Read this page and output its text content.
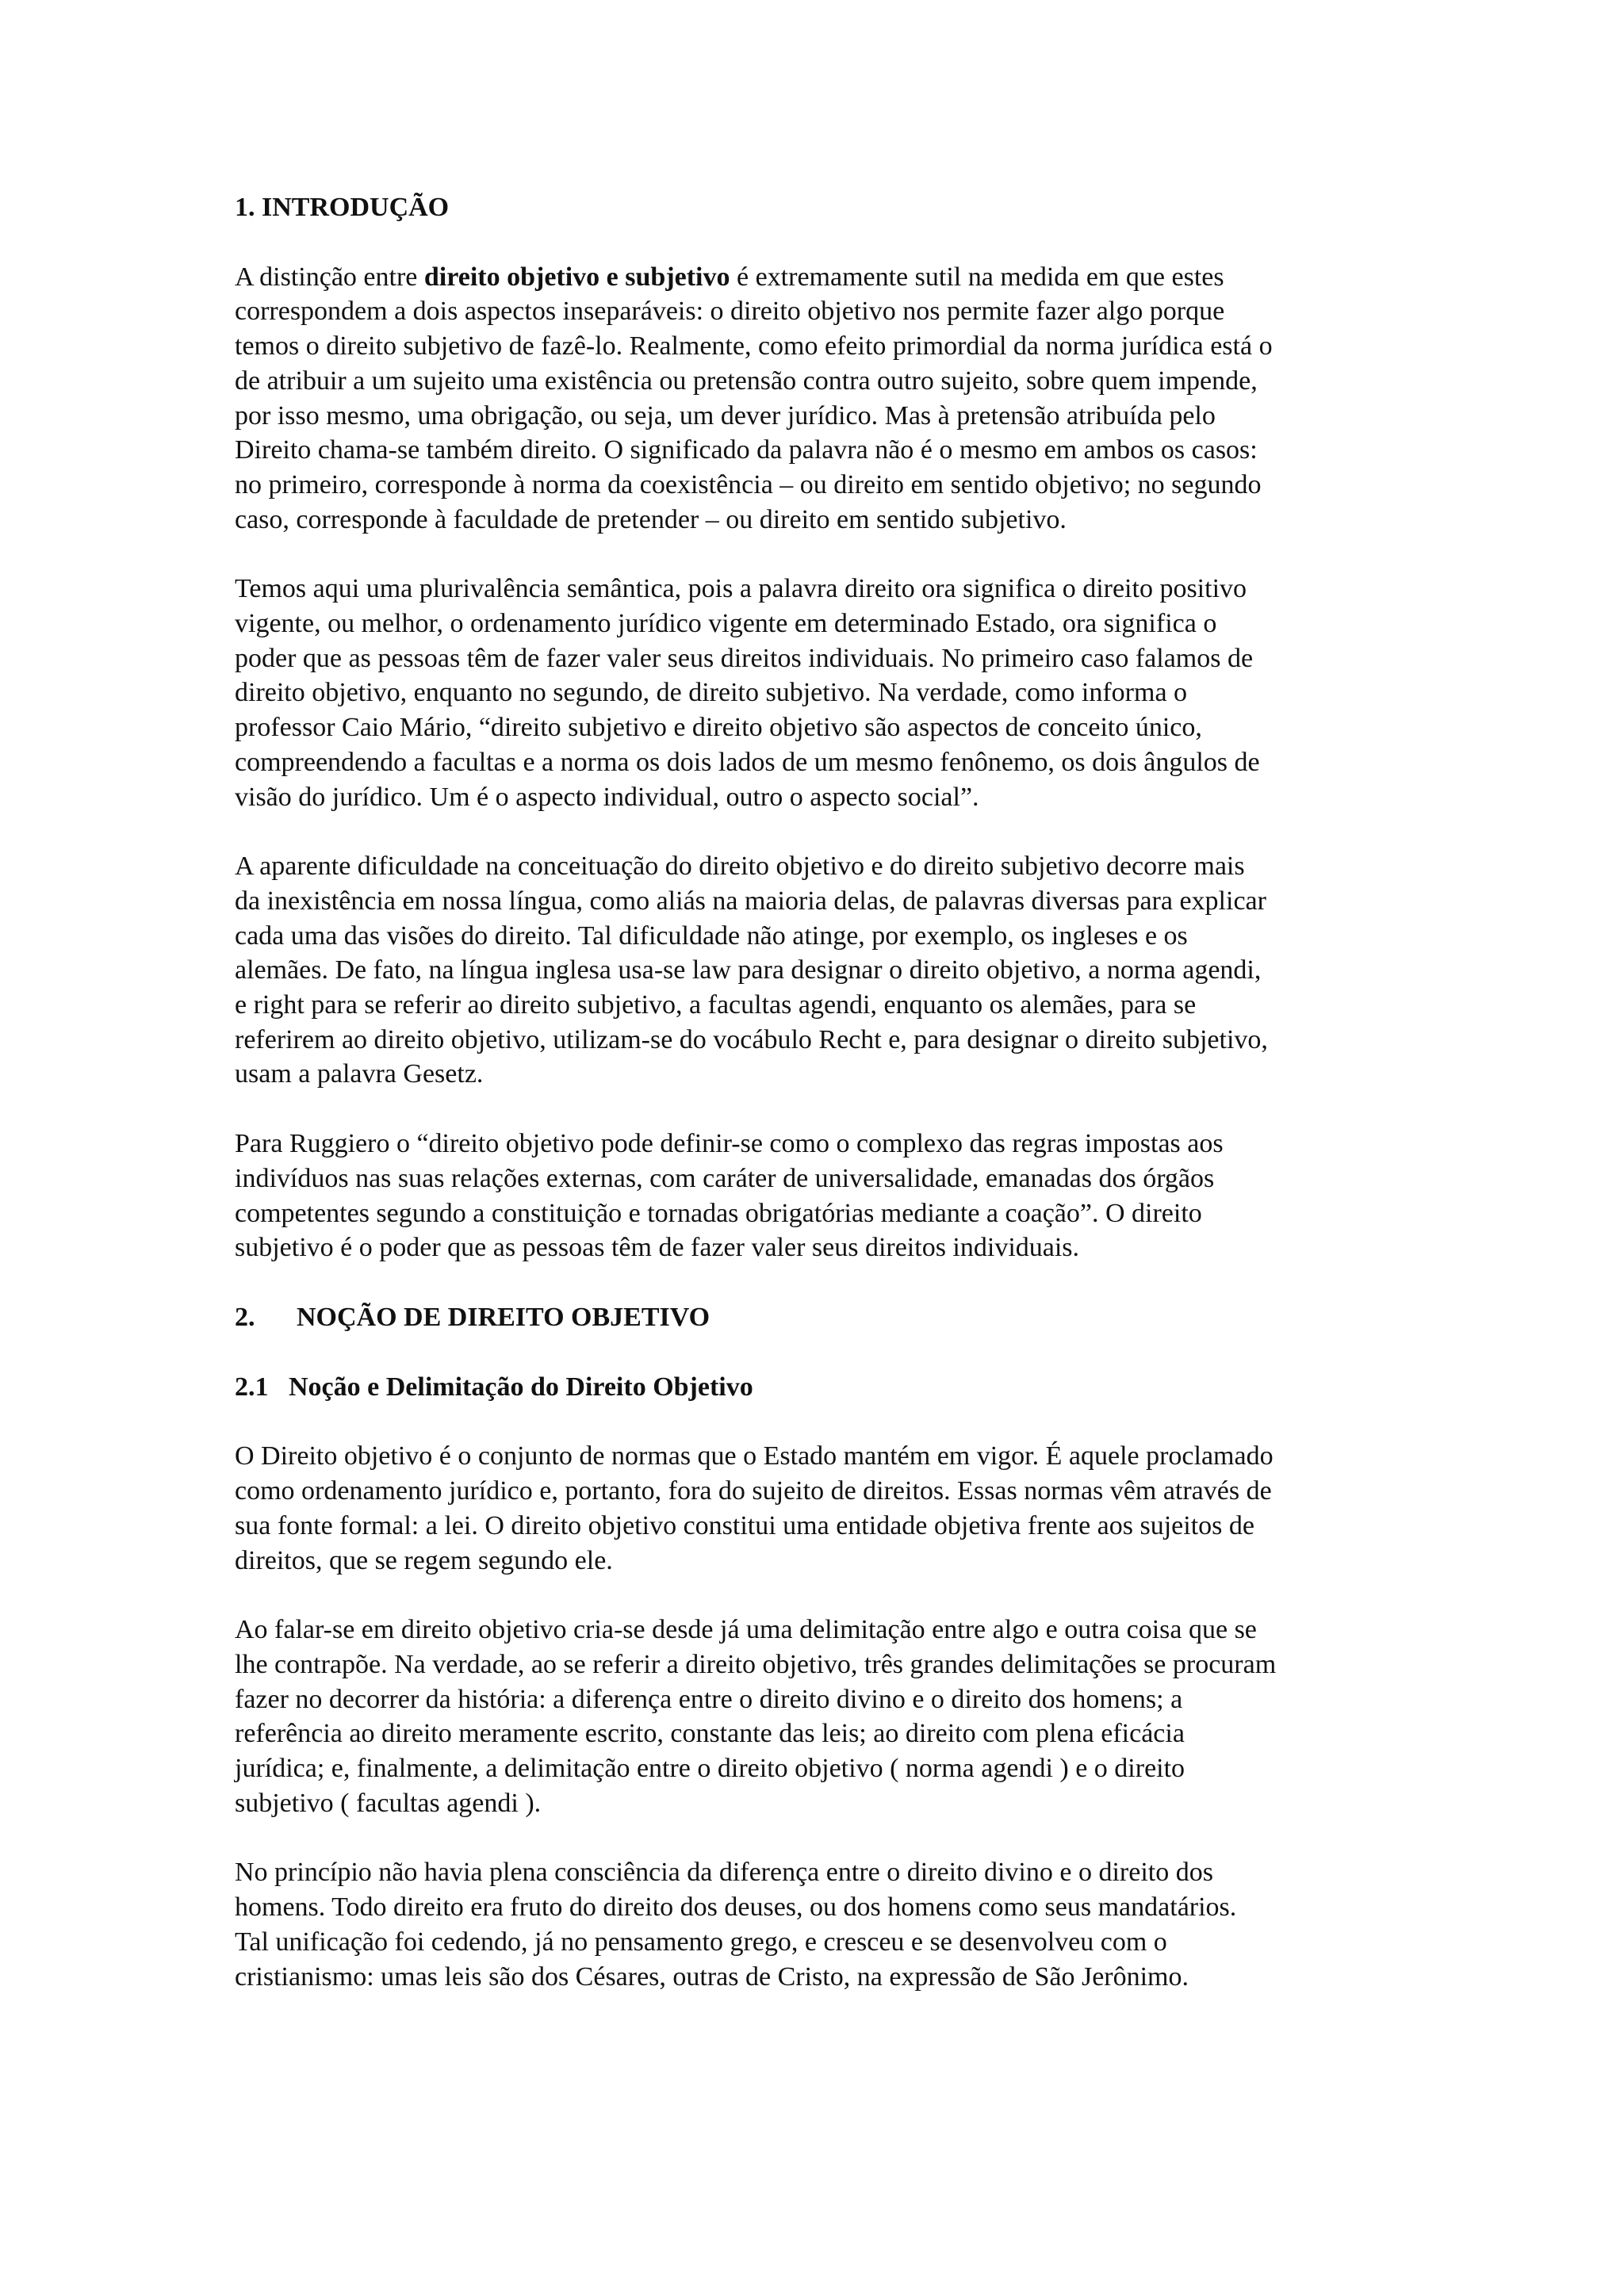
1. INTRODUÇÃO

A distinção entre direito objetivo e subjetivo é extremamente sutil na medida em que estes
correspondem a dois aspectos inseparáveis: o direito objetivo nos permite fazer algo porque
temos o direito subjetivo de fazê-lo. Realmente, como efeito primordial da norma jurídica está o
de atribuir a um sujeito uma existência ou pretensão contra outro sujeito, sobre quem impende,
por isso mesmo, uma obrigação, ou seja, um dever jurídico. Mas à pretensão atribuída pelo
Direito chama-se também direito. O significado da palavra não é o mesmo em ambos os casos:
no primeiro, corresponde à norma da coexistência – ou direito em sentido objetivo; no segundo
caso, corresponde à faculdade de pretender – ou direito em sentido subjetivo.

Temos aqui uma plurivalência semântica, pois a palavra direito ora significa o direito positivo
vigente, ou melhor, o ordenamento jurídico vigente em determinado Estado, ora significa o
poder que as pessoas têm de fazer valer seus direitos individuais. No primeiro caso falamos de
direito objetivo, enquanto no segundo, de direito subjetivo. Na verdade, como informa o
professor Caio Mário, “direito subjetivo e direito objetivo são aspectos de conceito único,
compreendendo a facultas e a norma os dois lados de um mesmo fenônemo, os dois ângulos de
visão do jurídico. Um é o aspecto individual, outro o aspecto social”.

A aparente dificuldade na conceituação do direito objetivo e do direito subjetivo decorre mais
da inexistência em nossa língua, como aliás na maioria delas, de palavras diversas para explicar
cada uma das visões do direito. Tal dificuldade não atinge, por exemplo, os ingleses e os
alemães. De fato, na língua inglesa usa-se law para designar o direito objetivo, a norma agendi,
e right para se referir ao direito subjetivo, a facultas agendi, enquanto os alemães, para se
referirem ao direito objetivo, utilizam-se do vocábulo Recht e, para designar o direito subjetivo,
usam a palavra Gesetz.

Para Ruggiero o “direito objetivo pode definir-se como o complexo das regras impostas aos
indivíduos nas suas relações externas, com caráter de universalidade, emanadas dos órgãos
competentes segundo a constituição e tornadas obrigatórias mediante a coação”. O direito
subjetivo é o poder que as pessoas têm de fazer valer seus direitos individuais.

2. NOÇÃO DE DIREITO OBJETIVO
2.1 Noção e Delimitação do Direito Objetivo

O Direito objetivo é o conjunto de normas que o Estado mantém em vigor. É aquele proclamado
como ordenamento jurídico e, portanto, fora do sujeito de direitos. Essas normas vêm através de
sua fonte formal: a lei. O direito objetivo constitui uma entidade objetiva frente aos sujeitos de
direitos, que se regem segundo ele.

Ao falar-se em direito objetivo cria-se desde já uma delimitação entre algo e outra coisa que se
lhe contrapõe. Na verdade, ao se referir a direito objetivo, três grandes delimitações se procuram
fazer no decorrer da história: a diferença entre o direito divino e o direito dos homens; a
referência ao direito meramente escrito, constante das leis; ao direito com plena eficácia
jurídica; e, finalmente, a delimitação entre o direito objetivo ( norma agendi ) e o direito
subjetivo ( facultas agendi ).

No princípio não havia plena consciência da diferença entre o direito divino e o direito dos
homens. Todo direito era fruto do direito dos deuses, ou dos homens como seus mandatários.
Tal unificação foi cedendo, já no pensamento grego, e cresceu e se desenvolveu com o
cristianismo: umas leis são dos Césares, outras de Cristo, na expressão de São Jerônimo.
